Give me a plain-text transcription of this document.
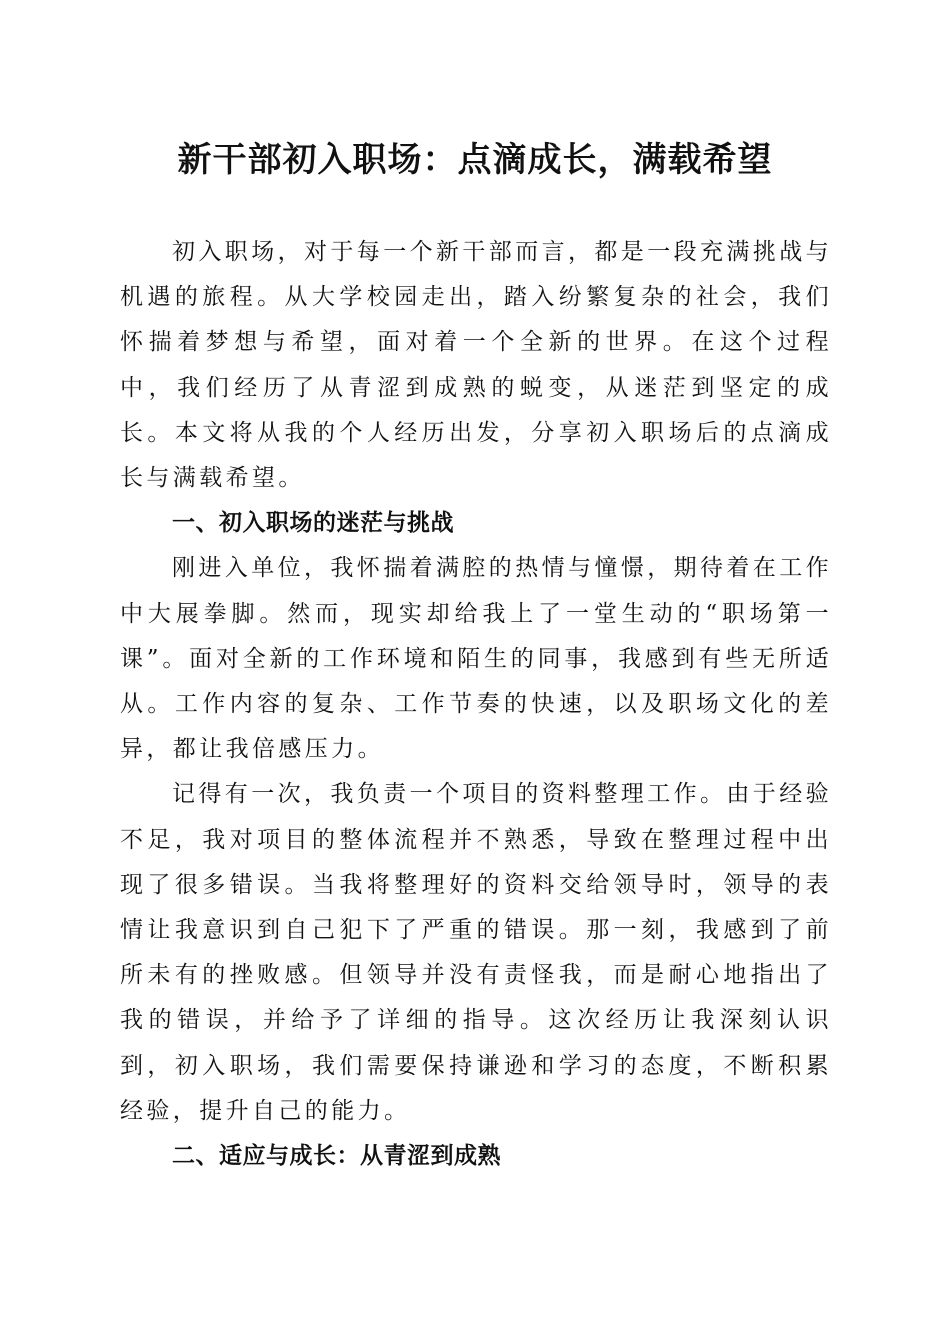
新干部初入职场：点滴成长，满载希望

初入职场，对于每一个新干部而言，都是一段充满挑战与机遇的旅程。从大学校园走出，踏入纷繁复杂的社会，我们怀揣着梦想与希望，面对着一个全新的世界。在这个过程中，我们经历了从青涩到成熟的蜕变，从迷茫到坚定的成长。本文将从我的个人经历出发，分享初入职场后的点滴成长与满载希望。

一、初入职场的迷茫与挑战

刚进入单位，我怀揣着满腔的热情与憧憬，期待着在工作中大展拳脚。然而，现实却给我上了一堂生动的“职场第一课”。面对全新的工作环境和陌生的同事，我感到有些无所适从。工作内容的复杂、工作节奏的快速，以及职场文化的差异，都让我倍感压力。

记得有一次，我负责一个项目的资料整理工作。由于经验不足，我对项目的整体流程并不熟悉，导致在整理过程中出现了很多错误。当我将整理好的资料交给领导时，领导的表情让我意识到自己犯下了严重的错误。那一刻，我感到了前所未有的挫败感。但领导并没有责怪我，而是耐心地指出了我的错误，并给予了详细的指导。这次经历让我深刻认识到，初入职场，我们需要保持谦逊和学习的态度，不断积累经验，提升自己的能力。

二、适应与成长：从青涩到成熟
